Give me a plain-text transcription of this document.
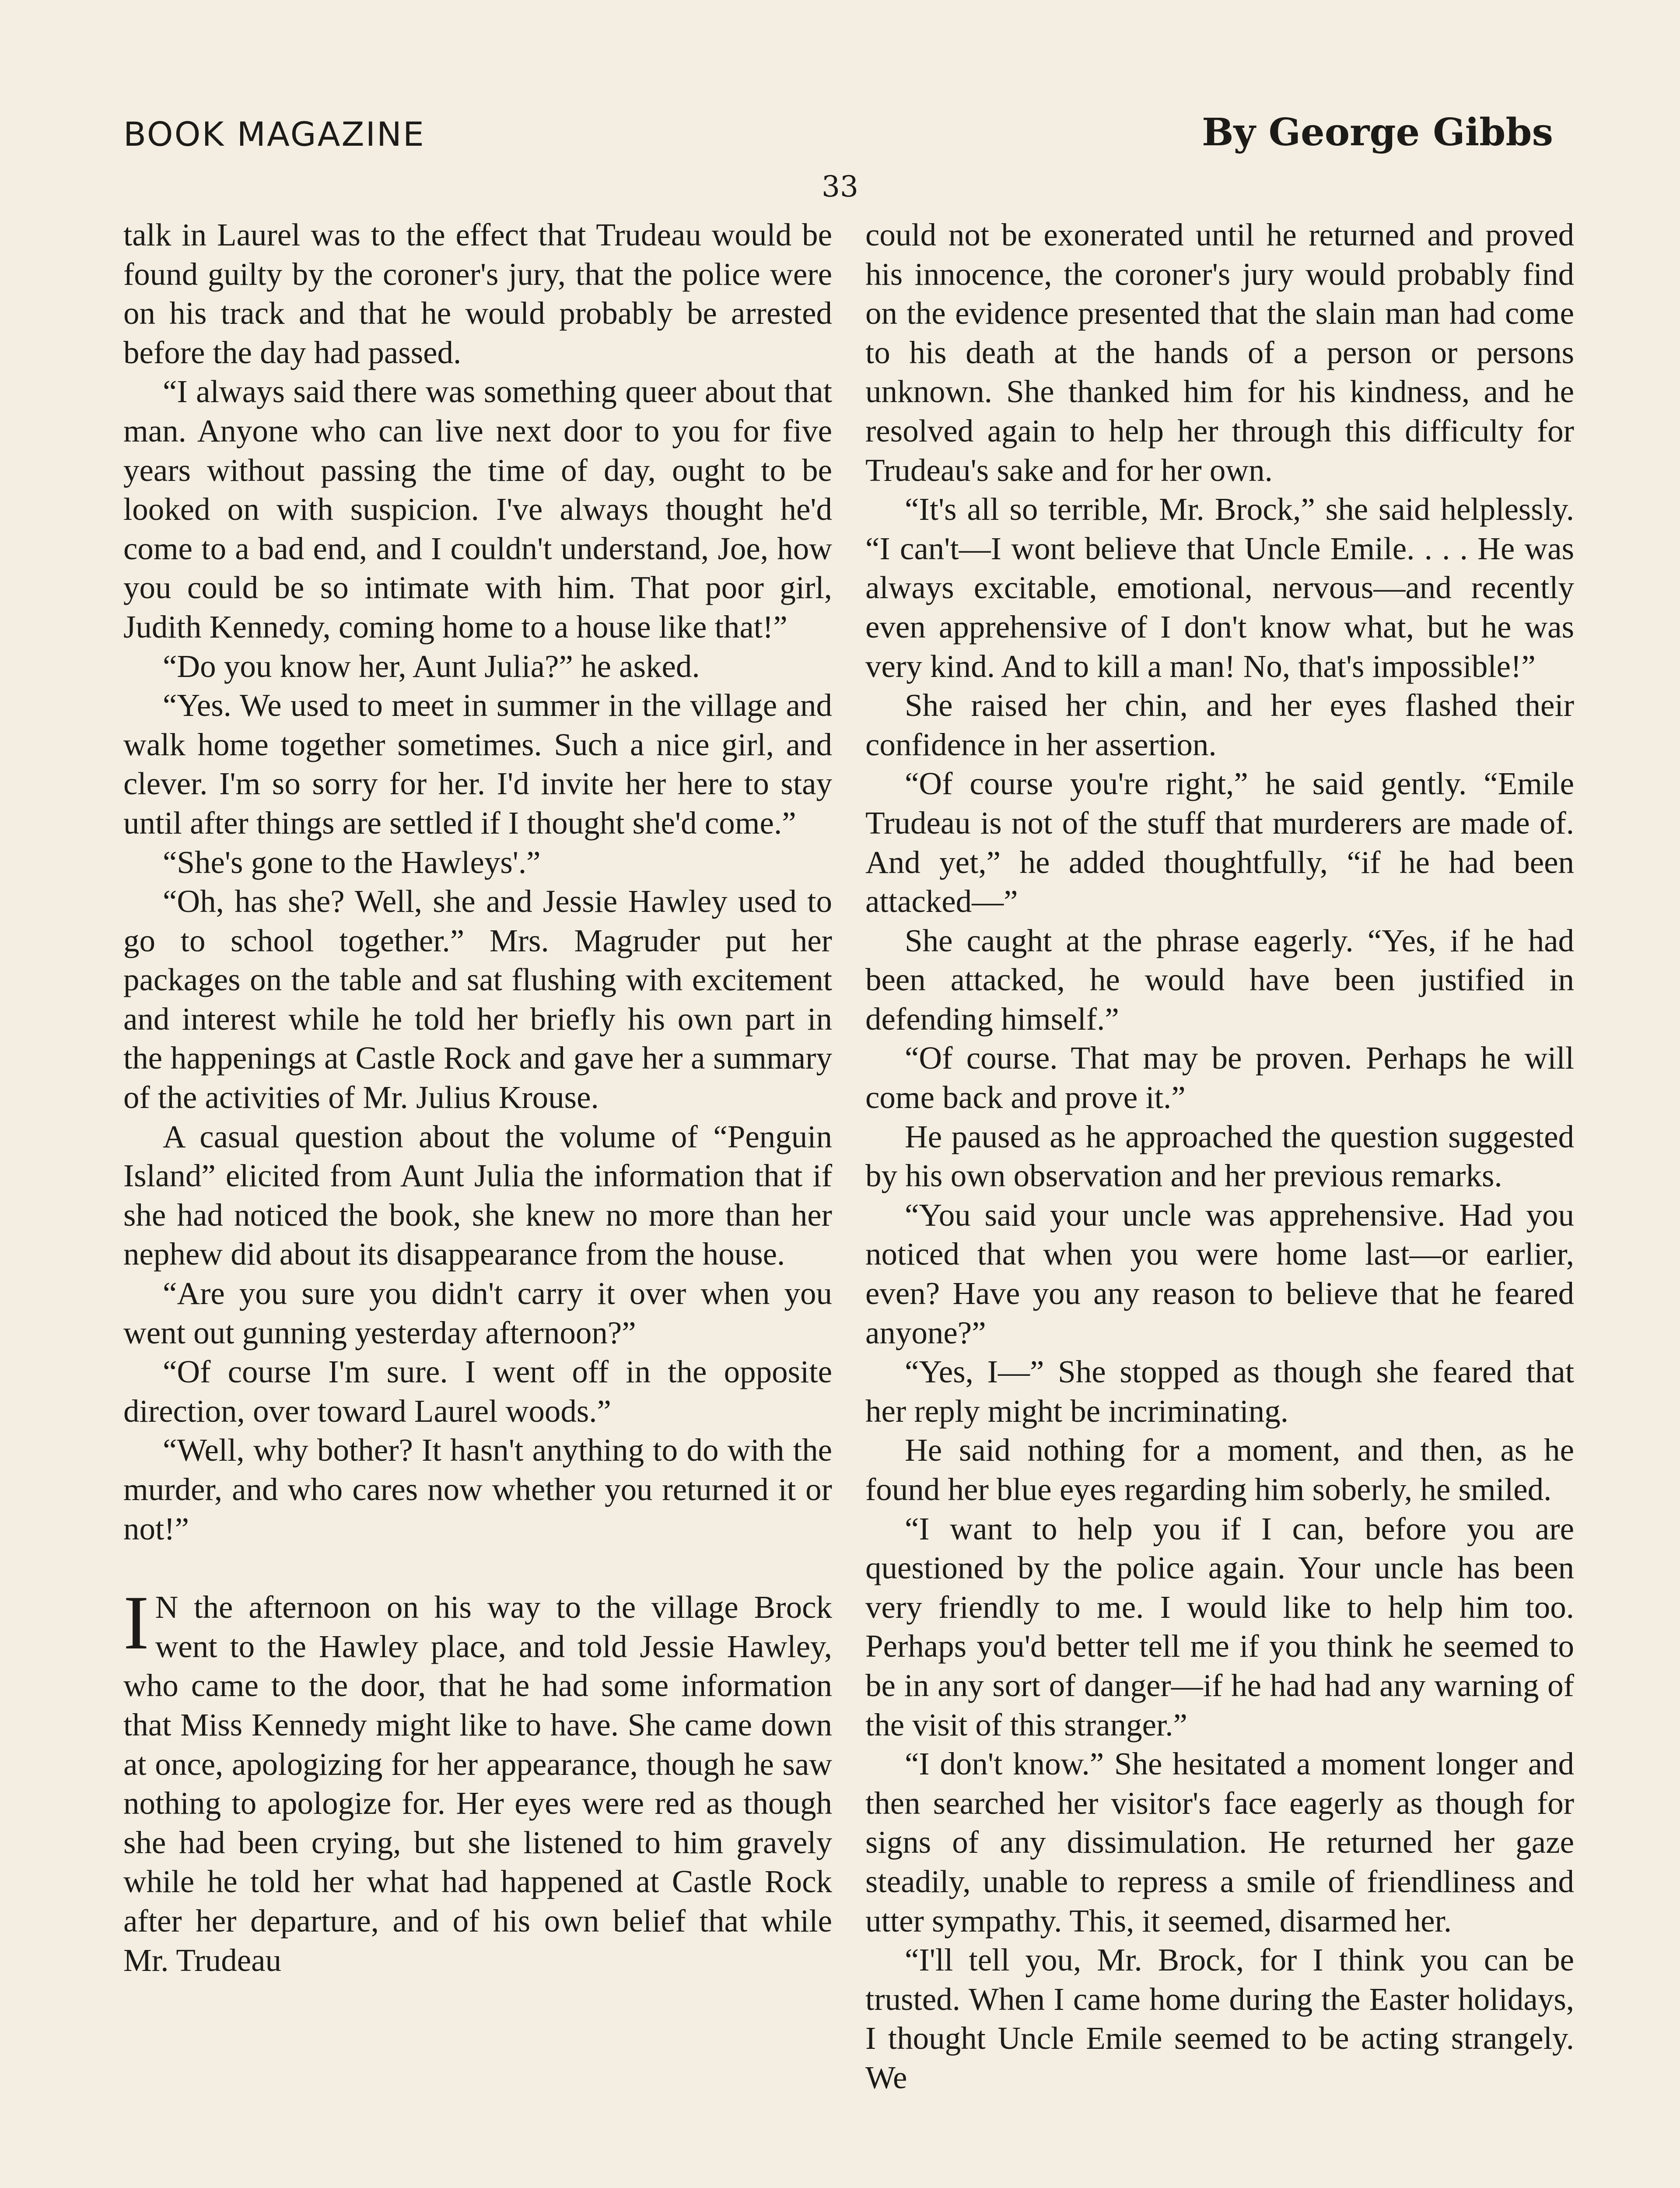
BOOK MAGAZINE	By George Gibbs
33

talk in Laurel was to the effect that Trudeau would be found guilty by the coroner's jury, that the police were on his track and that he would probably be arrested before the day had passed.

“I always said there was something queer about that man. Anyone who can live next door to you for five years without passing the time of day, ought to be looked on with suspicion. I've always thought he'd come to a bad end, and I couldn't understand, Joe, how you could be so intimate with him. That poor girl, Judith Kennedy, coming home to a house like that!”

“Do you know her, Aunt Julia?” he asked.

“Yes. We used to meet in summer in the village and walk home together sometimes. Such a nice girl, and clever. I'm so sorry for her. I'd invite her here to stay until after things are settled if I thought she'd come.”

“She's gone to the Hawleys'.”

“Oh, has she? Well, she and Jessie Hawley used to go to school together.” Mrs. Magruder put her packages on the table and sat flushing with excitement and interest while he told her briefly his own part in the happenings at Castle Rock and gave her a summary of the activities of Mr. Julius Krouse.

A casual question about the volume of “Penguin Island” elicited from Aunt Julia the information that if she had noticed the book, she knew no more than her nephew did about its disappearance from the house.

“Are you sure you didn't carry it over when you went out gunning yesterday afternoon?”

“Of course I'm sure. I went off in the opposite direction, over toward Laurel woods.”

“Well, why bother? It hasn't anything to do with the murder, and who cares now whether you returned it or not!”

I N the afternoon on his way to the village Brock went to the Hawley place, and told Jessie Hawley, who came to the door, that he had some information that Miss Kennedy might like to have. She came down at once, apologizing for her appearance, though he saw nothing to apologize for. Her eyes were red as though she had been crying, but she listened to him gravely while he told her what had happened at Castle Rock after her departure, and of his own belief that while Mr. Trudeau

could not be exonerated until he returned and proved his innocence, the coroner's jury would probably find on the evidence presented that the slain man had come to his death at the hands of a person or persons unknown. She thanked him for his kindness, and he resolved again to help her through this difficulty for Trudeau's sake and for her own.

“It's all so terrible, Mr. Brock,” she said helplessly. “I can't—I wont believe that Uncle Emile. . . . He was always excitable, emotional, nervous—and recently even apprehensive of I don't know what, but he was very kind. And to kill a man! No, that's impossible!”

She raised her chin, and her eyes flashed their confidence in her assertion.

“Of course you're right,” he said gently. “Emile Trudeau is not of the stuff that murderers are made of. And yet,” he added thoughtfully, “if he had been attacked—”

She caught at the phrase eagerly. “Yes, if he had been attacked, he would have been justified in defending himself.”

“Of course. That may be proven. Perhaps he will come back and prove it.”

He paused as he approached the question suggested by his own observation and her previous remarks.

“You said your uncle was apprehensive. Had you noticed that when you were home last—or earlier, even? Have you any reason to believe that he feared anyone?”

“Yes, I—” She stopped as though she feared that her reply might be incriminating.

He said nothing for a moment, and then, as he found her blue eyes regarding him soberly, he smiled.

“I want to help you if I can, before you are questioned by the police again. Your uncle has been very friendly to me. I would like to help him too. Perhaps you'd better tell me if you think he seemed to be in any sort of danger—if he had had any warning of the visit of this stranger.”

“I don't know.” She hesitated a moment longer and then searched her visitor's face eagerly as though for signs of any dissimulation. He returned her gaze steadily, unable to repress a smile of friendliness and utter sympathy. This, it seemed, disarmed her.

“I'll tell you, Mr. Brock, for I think you can be trusted. When I came home during the Easter holidays, I thought Uncle Emile seemed to be acting strangely. We
